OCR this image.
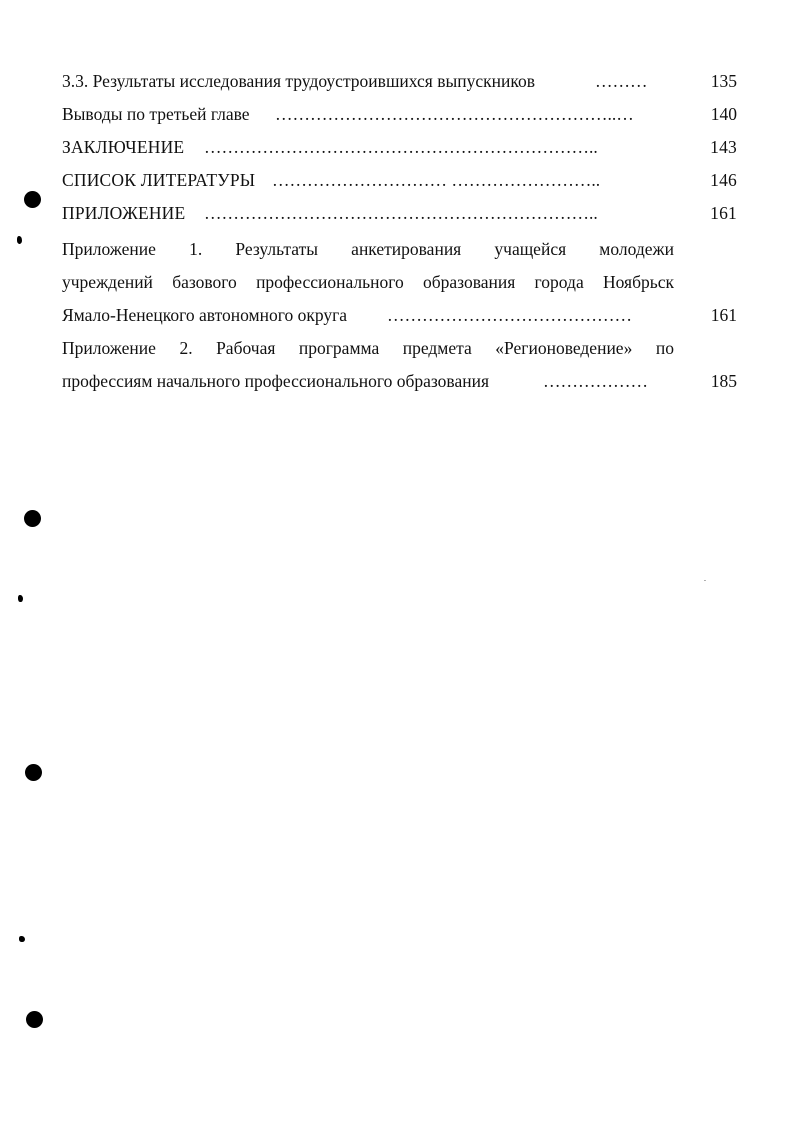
3.3. Результаты исследования трудоустроившихся выпускников	………	135
Выводы по третьей главе …………………………………………………..…	140
ЗАКЛЮЧЕНИЕ …………………………………………………………..	143
СПИСОК ЛИТЕРАТУРЫ ………………………… ……………………..	146
ПРИЛОЖЕНИЕ …………………………………………………………..	161
Приложение 1. Результаты анкетирования учащейся молодежи
учреждений базового профессионального образования города Ноябрьск
Ямало-Ненецкого автономного округа ……………………………………	161
Приложение 2. Рабочая программа предмета «Регионоведение» по
профессиям начального профессионального образования	………………	185
